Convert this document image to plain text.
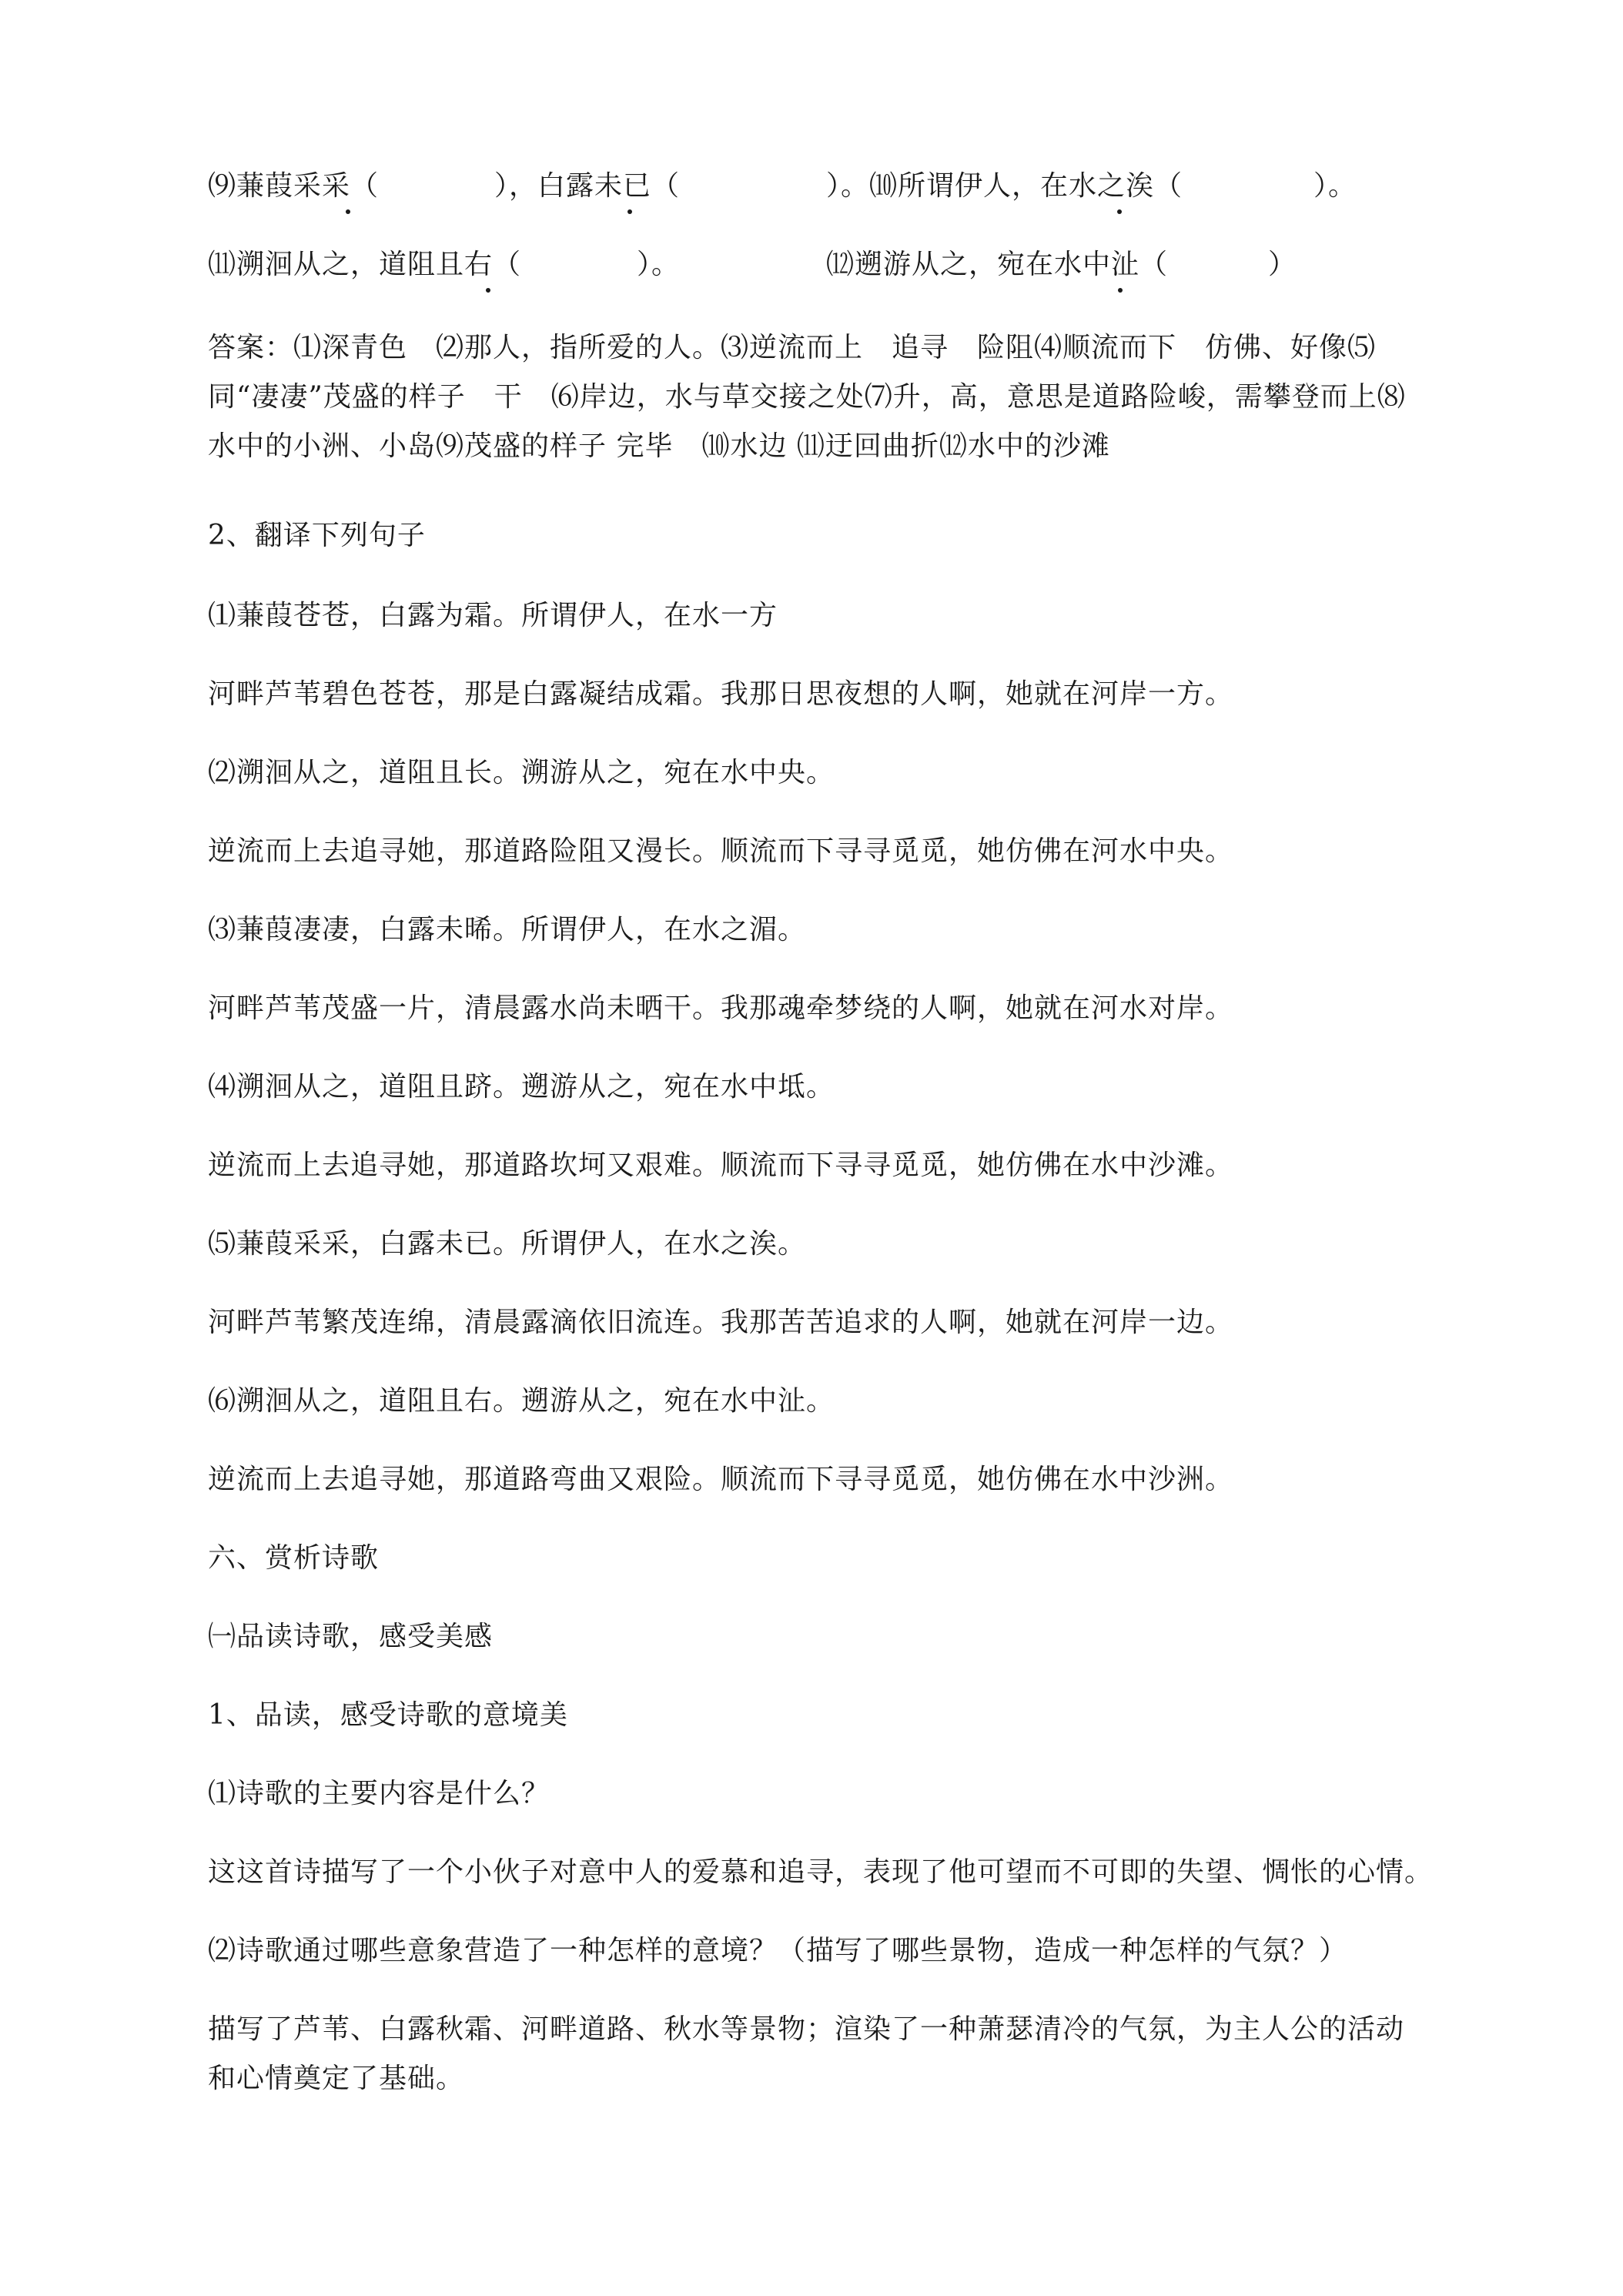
⑼蒹葭采采（	），白露未已（	）。⑽所谓伊人，在水之涘（	）。
⑾溯洄从之，道阻且右（	）。	⑿遡游从之，宛在水中沚（	）
答案：⑴深青色　⑵那人，指所爱的人。⑶逆流而上　追寻　险阻⑷顺流而下　仿佛、好像⑸同“凄凄”茂盛的样子　干　⑹岸边，水与草交接之处⑺升，高，意思是道路险峻，需攀登而上⑻水中的小洲、小岛⑼茂盛的样子 完毕　⑽水边 ⑾迂回曲折⑿水中的沙滩
2、翻译下列句子
⑴蒹葭苍苍，白露为霜。所谓伊人，在水一方
河畔芦苇碧色苍苍，那是白露凝结成霜。我那日思夜想的人啊，她就在河岸一方。
⑵溯洄从之，道阻且长。溯游从之，宛在水中央。
逆流而上去追寻她，那道路险阻又漫长。顺流而下寻寻觅觅，她仿佛在河水中央。
⑶蒹葭凄凄，白露未晞。所谓伊人，在水之湄。
河畔芦苇茂盛一片，清晨露水尚未晒干。我那魂牵梦绕的人啊，她就在河水对岸。
⑷溯洄从之，道阻且跻。遡游从之，宛在水中坻。
逆流而上去追寻她，那道路坎坷又艰难。顺流而下寻寻觅觅，她仿佛在水中沙滩。
⑸蒹葭采采，白露未已。所谓伊人，在水之涘。
河畔芦苇繁茂连绵，清晨露滴依旧流连。我那苦苦追求的人啊，她就在河岸一边。
⑹溯洄从之，道阻且右。遡游从之，宛在水中沚。
逆流而上去追寻她，那道路弯曲又艰险。顺流而下寻寻觅觅，她仿佛在水中沙洲。
六、赏析诗歌
㈠品读诗歌，感受美感
1、品读，感受诗歌的意境美
⑴诗歌的主要内容是什么？
这这首诗描写了一个小伙子对意中人的爱慕和追寻，表现了他可望而不可即的失望、惆怅的心情。
⑵诗歌通过哪些意象营造了一种怎样的意境？（描写了哪些景物，造成一种怎样的气氛？）
描写了芦苇、白露秋霜、河畔道路、秋水等景物；渲染了一种萧瑟清冷的气氛，为主人公的活动和心情奠定了基础。
